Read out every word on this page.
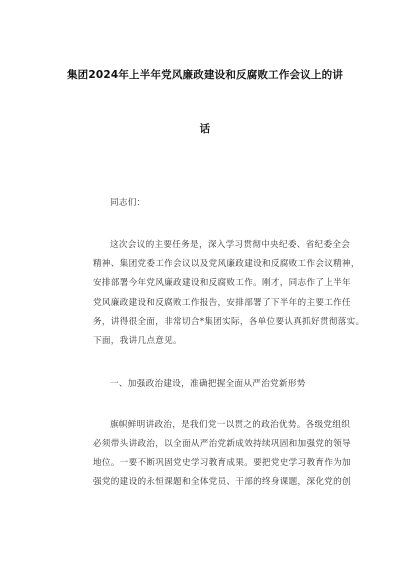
集团2024年上半年党风廉政建设和反腐败工作会议上的讲
话
同志们：
这次会议的主要任务是，深入学习贯彻中央纪委、省纪委全会
精神、集团党委工作会议以及党风廉政建设和反腐败工作会议精神，
安排部署今年党风廉政建设和反腐败工作。刚才，同志作了上半年
党风廉政建设和反腐败工作报告，安排部署了下半年的主要工作任
务，讲得很全面，非常切合*集团实际，各单位要认真抓好贯彻落实。
下面，我讲几点意见。
一、加强政治建设，准确把握全面从严治党新形势
旗帜鲜明讲政治，是我们党一以贯之的政治优势。各级党组织
必须带头讲政治，以全面从严治党新成效持续巩固和加强党的领导
地位。一要不断巩固党史学习教育成果。要把党史学习教育作为加
强党的建设的永恒课题和全体党员、干部的终身课题，深化党的创
